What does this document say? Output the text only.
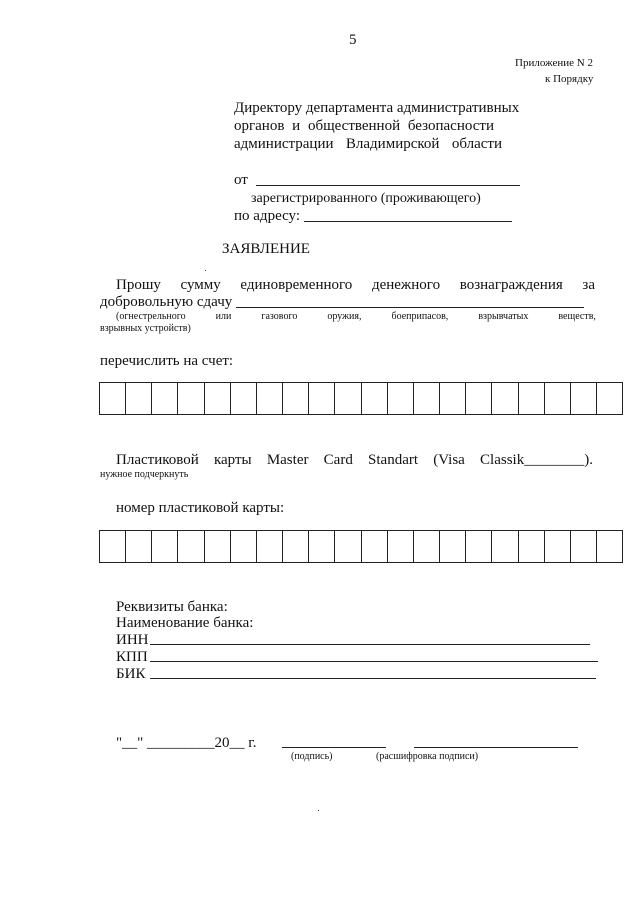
5
Приложение N 2
к Порядку
Директору департамента административных
органов и общественной безопасности
администрации Владимирской области
от
зарегистрированного (проживающего)
по адресу:
ЗАЯВЛЕНИЕ
Прошу сумму единовременного денежного вознаграждения за
добровольную сдачу
(огнестрельного	или	газового	оружия,	боеприпасов,	взрывчатых	веществ,
взрывных устройств)
перечислить на счет:
Пластиковой карты Master Card Standart (Visa Classik________).
нужное подчеркнуть
номер пластиковой карты:
Реквизиты банка:
Наименование банка:
ИНН
КПП
БИК
"__" _________20__ г.
(подпись)	(расшифровка подписи)
